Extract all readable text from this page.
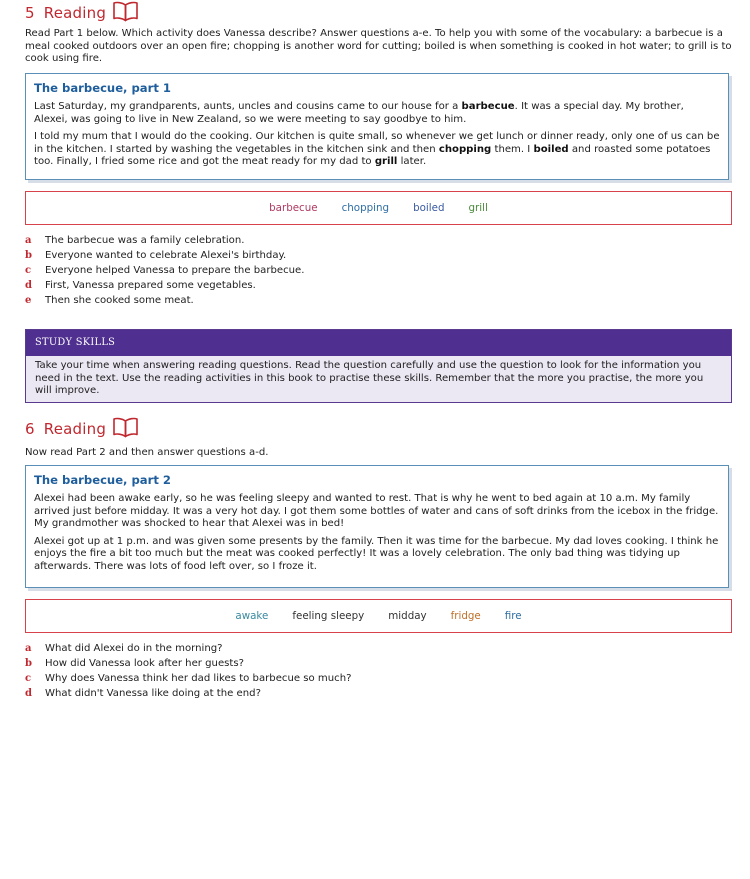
5 Reading

Read Part 1 below. Which activity does Vanessa describe? Answer questions a-e. To help you with some of the vocabulary: a barbecue is a meal cooked outdoors over an open fire; chopping is another word for cutting; boiled is when something is cooked in hot water; to grill is to cook using fire.

The barbecue, part 1

Last Saturday, my grandparents, aunts, uncles and cousins came to our house for a barbecue. It was a special day. My brother, Alexei, was going to live in New Zealand, so we were meeting to say goodbye to him.

I told my mum that I would do the cooking. Our kitchen is quite small, so whenever we get lunch or dinner ready, only one of us can be in the kitchen. I started by washing the vegetables in the kitchen sink and then chopping them. I boiled and roasted some potatoes too. Finally, I fried some rice and got the meat ready for my dad to grill later.

barbecue chopping boiled grill
a	The barbecue was a family celebration.
b	Everyone wanted to celebrate Alexei's birthday.
c	Everyone helped Vanessa to prepare the barbecue.
d	First, Vanessa prepared some vegetables.
e	Then she cooked some meat.
STUDY SKILLS
Take your time when answering reading questions. Read the question carefully and use the question to look for the information you need in the text. Use the reading activities in this book to practise these skills. Remember that the more you practise, the more you will improve.
6 Reading

Now read Part 2 and then answer questions a-d.

The barbecue, part 2

Alexei had been awake early, so he was feeling sleepy and wanted to rest. That is why he went to bed again at 10 a.m. My family arrived just before midday. It was a very hot day. I got them some bottles of water and cans of soft drinks from the icebox in the fridge. My grandmother was shocked to hear that Alexei was in bed!

Alexei got up at 1 p.m. and was given some presents by the family. Then it was time for the barbecue. My dad loves cooking. I think he enjoys the fire a bit too much but the meat was cooked perfectly! It was a lovely celebration. The only bad thing was tidying up afterwards. There was lots of food left over, so I froze it.

awake feeling sleepy midday fridge fire
a	What did Alexei do in the morning?
b	How did Vanessa look after her guests?
c	Why does Vanessa think her dad likes to barbecue so much?
d	What didn't Vanessa like doing at the end?
